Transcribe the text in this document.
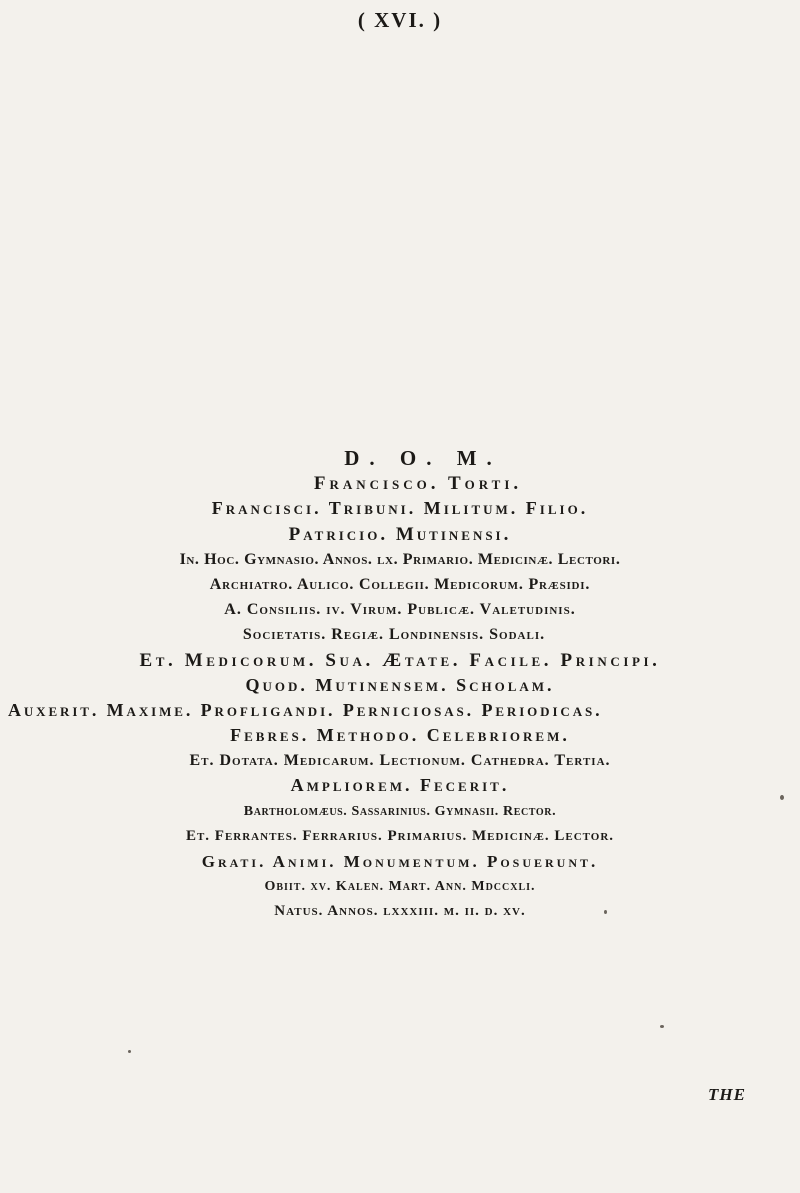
( XVI. )
D. O. M.
Francisco. Torti.
Francisci. Tribuni. Militum. Filio.
Patricio. Mutinensi.
In. Hoc. Gymnasio. Annos. lx. Primario. Medicinæ. Lectori.
Archiatro. Aulico. Collegii. Medicorum. Præsidi.
A. Consiliis. iv. Virum. Publicæ. Valetudinis.
Societatis. Regiæ. Londinensis. Sodali.
Et. Medicorum. Sua. Ætate. Facile. Principi.
Quod. Mutinensem. Scholam.
Auxerit. Maxime. Profligandi. Perniciosas. Periodicas.
Febres. Methodo. Celebriorem.
Et. Dotata. Medicarum. Lectionum. Cathedra. Tertia.
Ampliorem. Fecerit.
Bartholomæus. Sassarinius. Gymnasii. Rector.
Et. Ferrantes. Ferrarius. Primarius. Medicinæ. Lector.
Grati. Animi. Monumentum. Posuerunt.
Obiit. xv. Kalen. Mart. Ann. Mdccxli.
Natus. Annos. lxxxiii. m. ii. d. xv.
THE
